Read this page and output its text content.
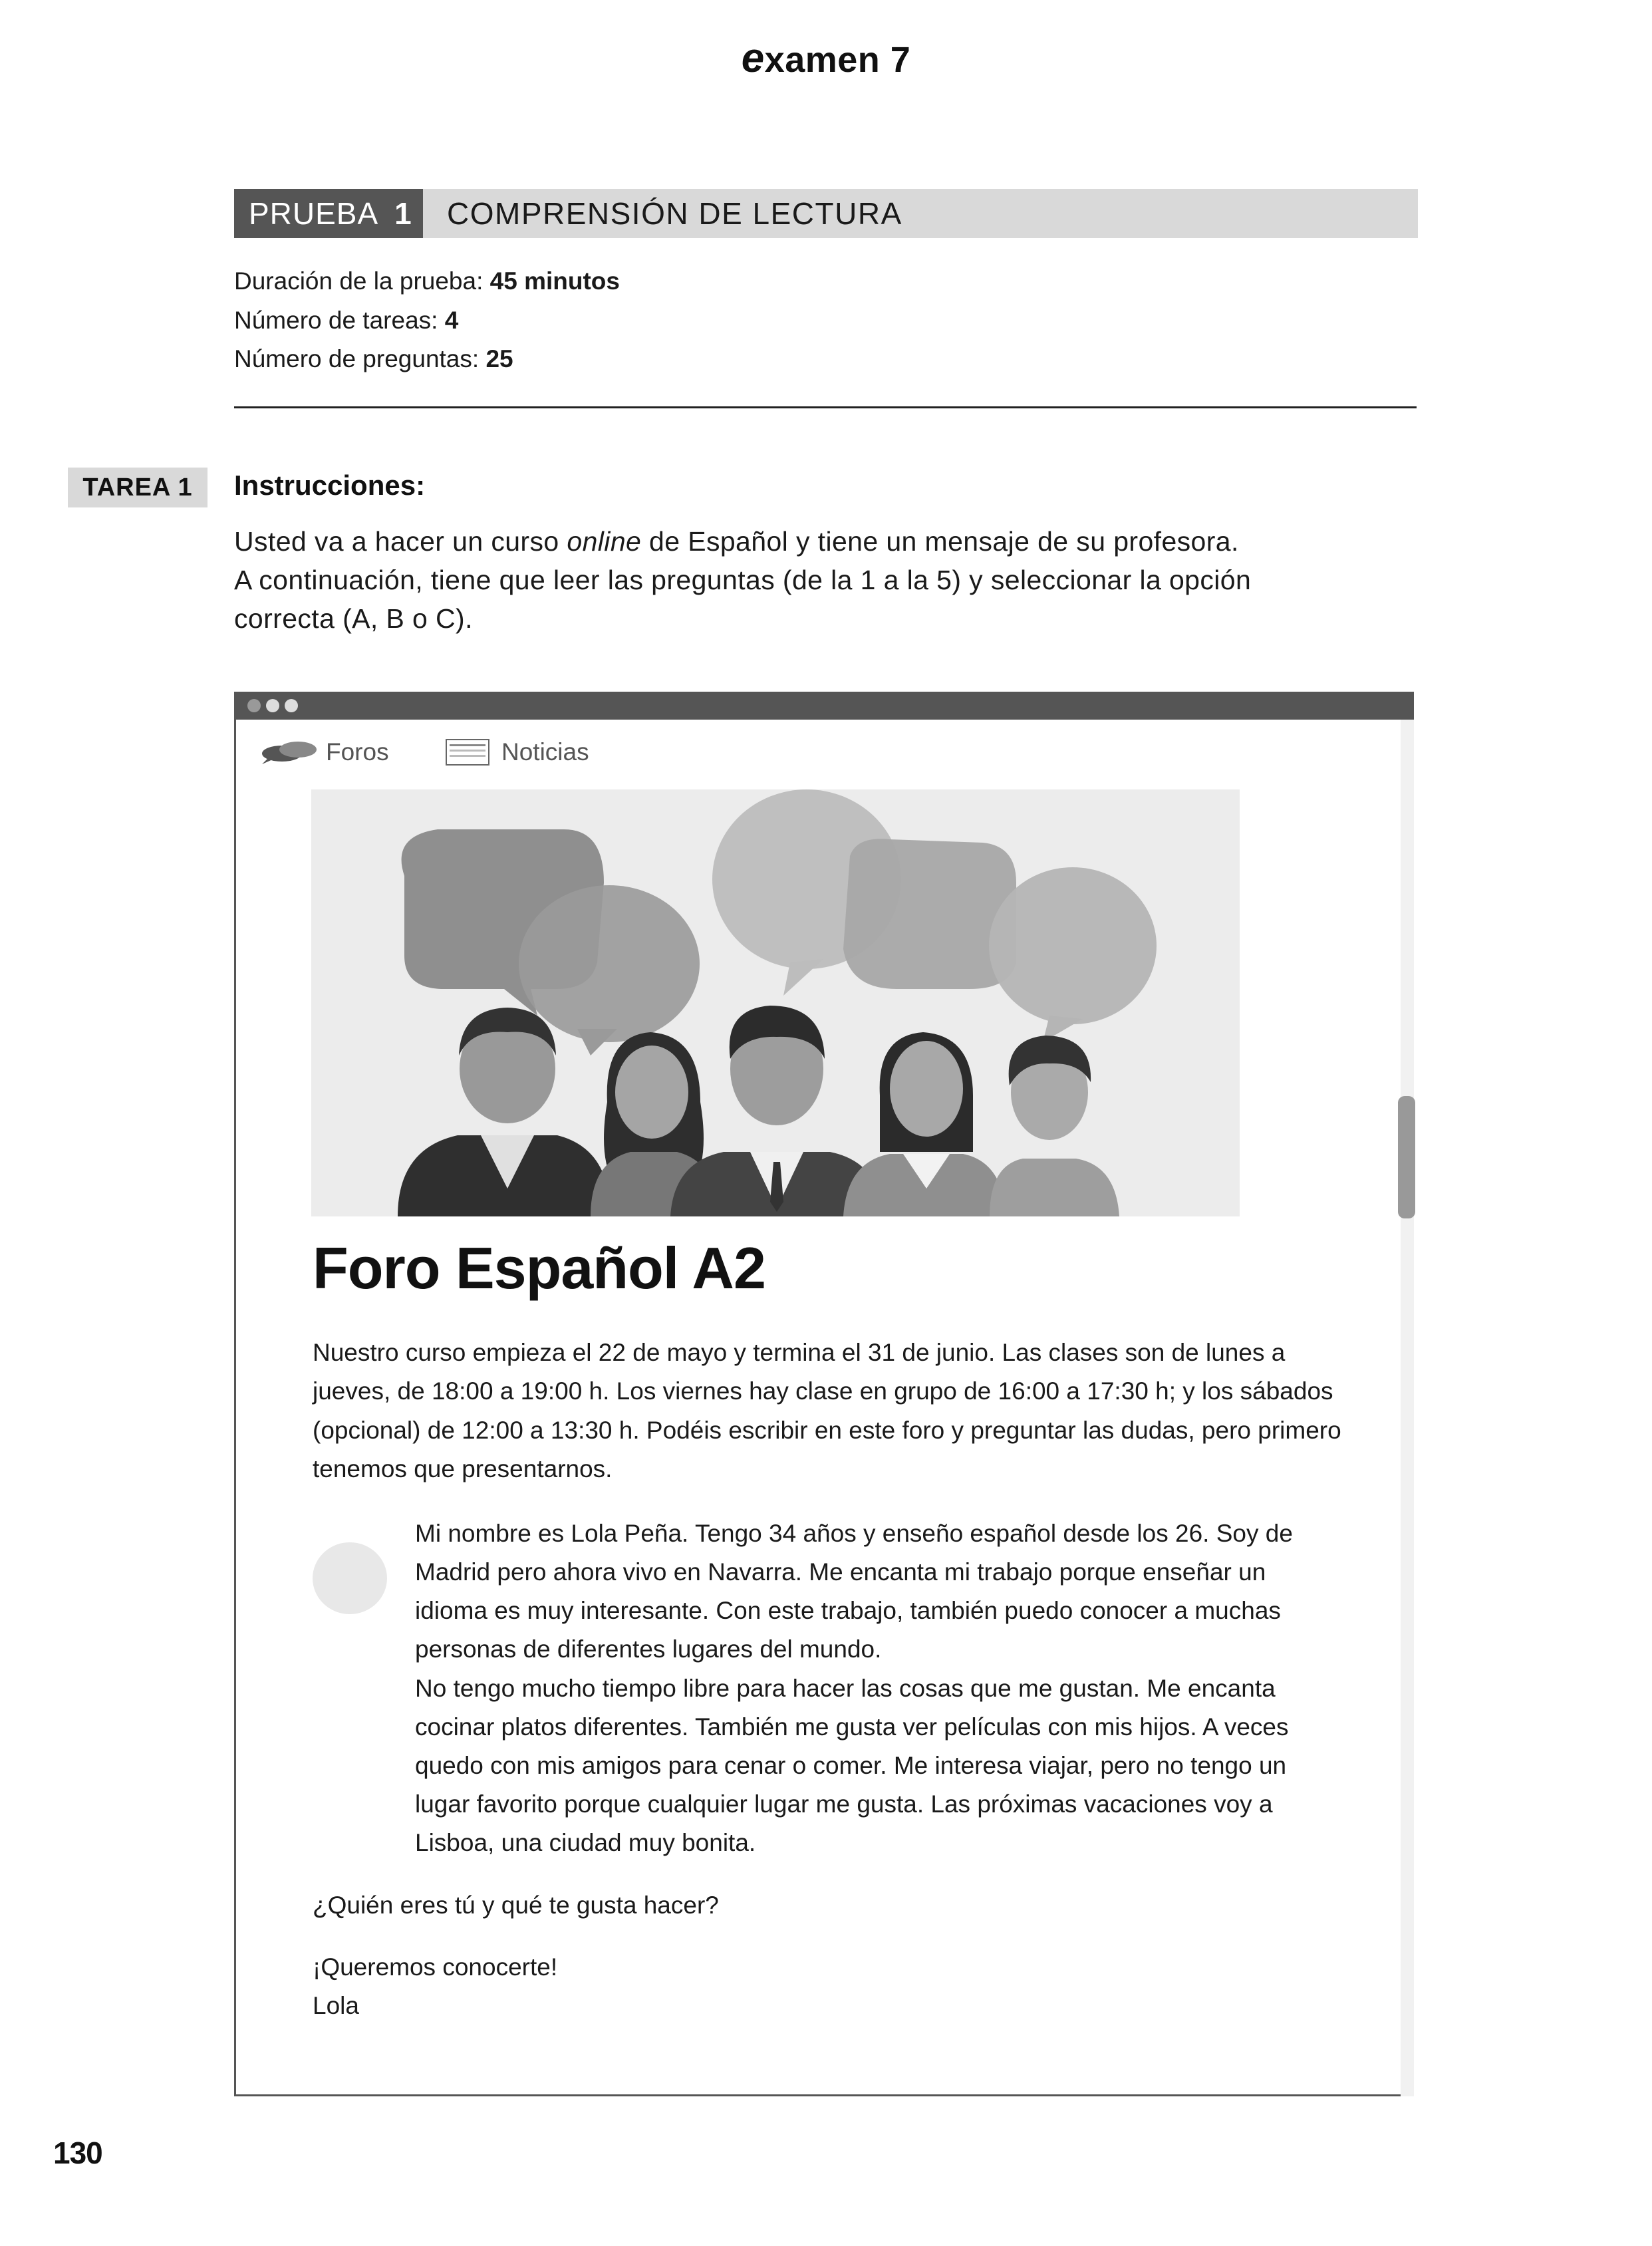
examen 7
PRUEBA 1 COMPRENSIÓN DE LECTURA
Duración de la prueba: 45 minutos
Número de tareas: 4
Número de preguntas: 25
TAREA 1	Instrucciones:
Usted va a hacer un curso online de Español y tiene un mensaje de su profesora.
A continuación, tiene que leer las preguntas (de la 1 a la 5) y seleccionar la opción
correcta (A, B o C).
Foros	Noticias
Foro Español A2
Nuestro curso empieza el 22 de mayo y termina el 31 de junio. Las clases son de lunes a
jueves, de 18:00 a 19:00 h. Los viernes hay clase en grupo de 16:00 a 17:30 h; y los sábados
(opcional) de 12:00 a 13:30 h. Podéis escribir en este foro y preguntar las dudas, pero primero
tenemos que presentarnos.
Mi nombre es Lola Peña. Tengo 34 años y enseño español desde los 26. Soy de
Madrid pero ahora vivo en Navarra. Me encanta mi trabajo porque enseñar un
idioma es muy interesante. Con este trabajo, también puedo conocer a muchas
personas de diferentes lugares del mundo.
No tengo mucho tiempo libre para hacer las cosas que me gustan. Me encanta
cocinar platos diferentes. También me gusta ver películas con mis hijos. A veces
quedo con mis amigos para cenar o comer. Me interesa viajar, pero no tengo un
lugar favorito porque cualquier lugar me gusta. Las próximas vacaciones voy a
Lisboa, una ciudad muy bonita.
¿Quién eres tú y qué te gusta hacer?
¡Queremos conocerte!
Lola
130
